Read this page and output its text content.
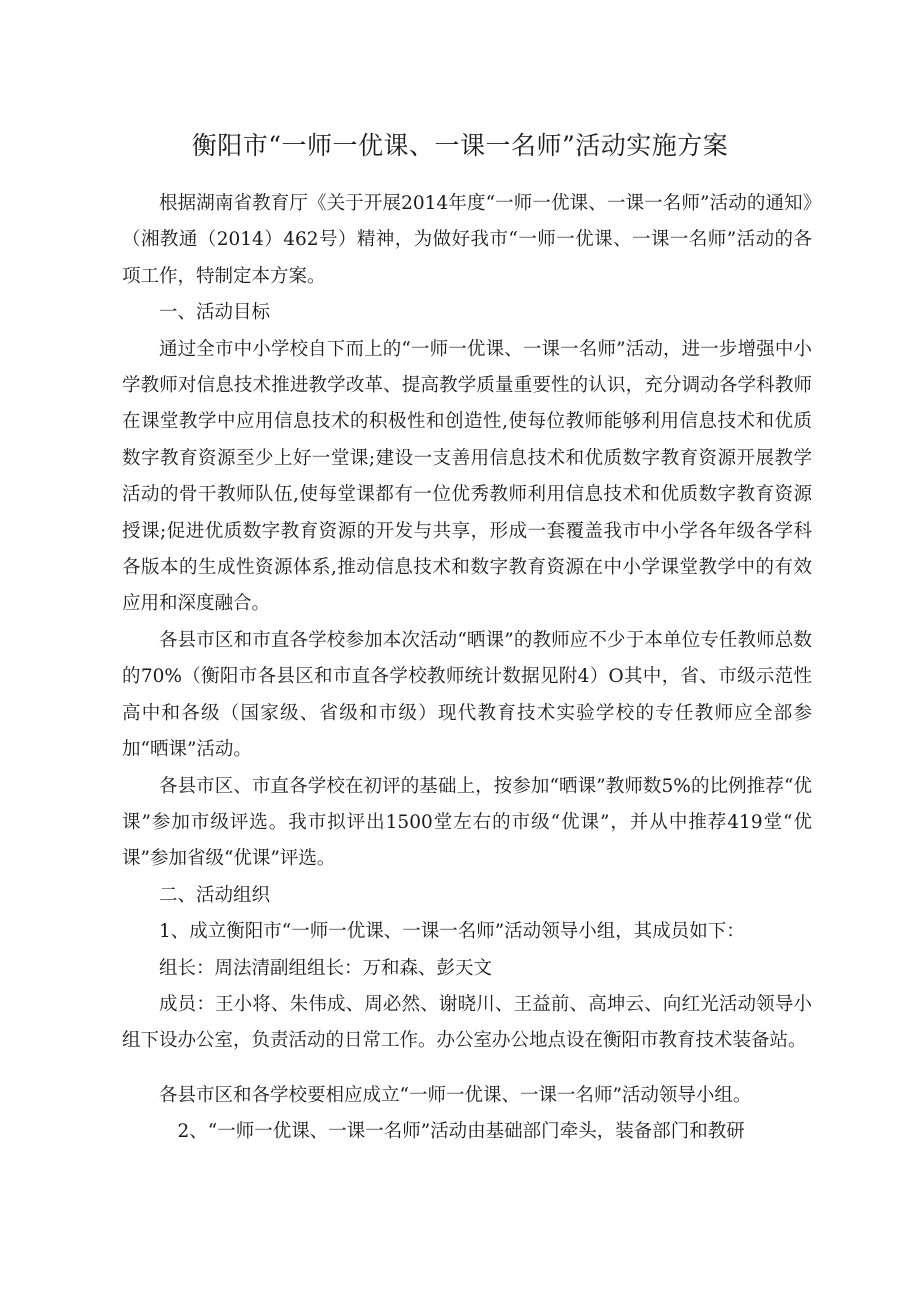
衡阳市“一师一优课、一课一名师”活动实施方案

根据湖南省教育厅《关于开展2014年度“一师一优课、一课一名师”活动的通知》（湘教通（2014）462号）精神，为做好我市“一师一优课、一课一名师”活动的各项工作，特制定本方案。

一、活动目标

通过全市中小学校自下而上的“一师一优课、一课一名师”活动，进一步增强中小学教师对信息技术推进教学改革、提高教学质量重要性的认识，充分调动各学科教师在课堂教学中应用信息技术的积极性和创造性,使每位教师能够利用信息技术和优质数字教育资源至少上好一堂课;建设一支善用信息技术和优质数字教育资源开展教学活动的骨干教师队伍,使每堂课都有一位优秀教师利用信息技术和优质数字教育资源授课;促进优质数字教育资源的开发与共享，形成一套覆盖我市中小学各年级各学科各版本的生成性资源体系,推动信息技术和数字教育资源在中小学课堂教学中的有效应用和深度融合。

各县市区和市直各学校参加本次活动“晒课”的教师应不少于本单位专任教师总数的70%（衡阳市各县区和市直各学校教师统计数据见附4）O其中，省、市级示范性高中和各级（国家级、省级和市级）现代教育技术实验学校的专任教师应全部参加“晒课”活动。

各县市区、市直各学校在初评的基础上，按参加“晒课”教师数5%的比例推荐“优课”参加市级评选。我市拟评出1500堂左右的市级“优课”，并从中推荐419堂“优课”参加省级“优课”评选。

二、活动组织

1、成立衡阳市“一师一优课、一课一名师”活动领导小组，其成员如下：

组长：周法清副组组长：万和森、彭天文

成员：王小将、朱伟成、周必然、谢晓川、王益前、高坤云、向红光活动领导小组下设办公室，负责活动的日常工作。办公室办公地点设在衡阳市教育技术装备站。

各县市区和各学校要相应成立“一师一优课、一课一名师”活动领导小组。

2、“一师一优课、一课一名师”活动由基础部门牵头，装备部门和教研
